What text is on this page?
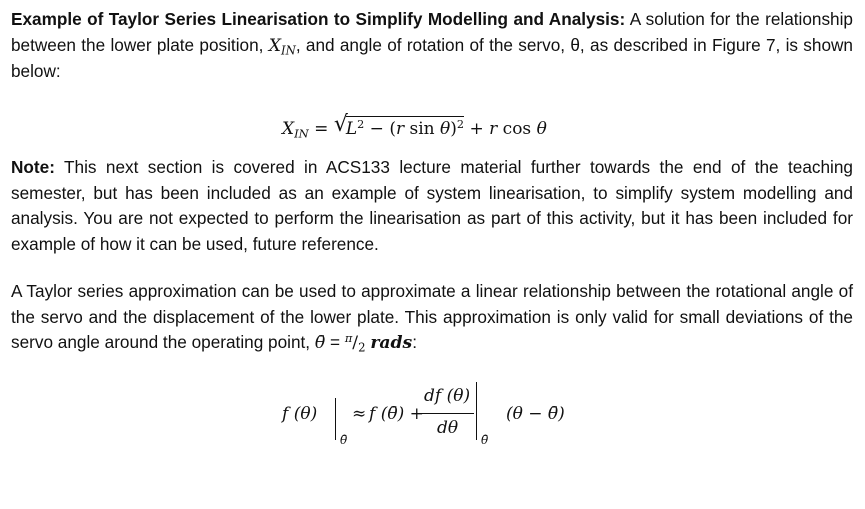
Example of Taylor Series Linearisation to Simplify Modelling and Analysis: A solution for the relationship between the lower plate position, $X_{IN}$, and angle of rotation of the servo, θ, as described in Figure 7, is shown below:

$X_{IN}$ = √
$L^2 - (r$ sin θ)$^2$ + r cos θ

Note: This next section is covered in ACS133 lecture material further towards the end of the teaching semester, but has been included as an example of system linearisation, to simplify system modelling and analysis. You are not expected to perform the linearisation as part of this activity, but it has been included for example of how it can be used, future reference.

A Taylor series approximation can be used to approximate a linear relationship between the rotational angle of the servo and the displacement of the lower plate. This approximation is only valid for small deviations of the servo angle around the operating point, θ̄ = $^\pi/_2$ rads:

f (θ)
θ̄
≈ f (θ̄) +
df (θ)
dθ
θ̄
(θ − θ̄)
